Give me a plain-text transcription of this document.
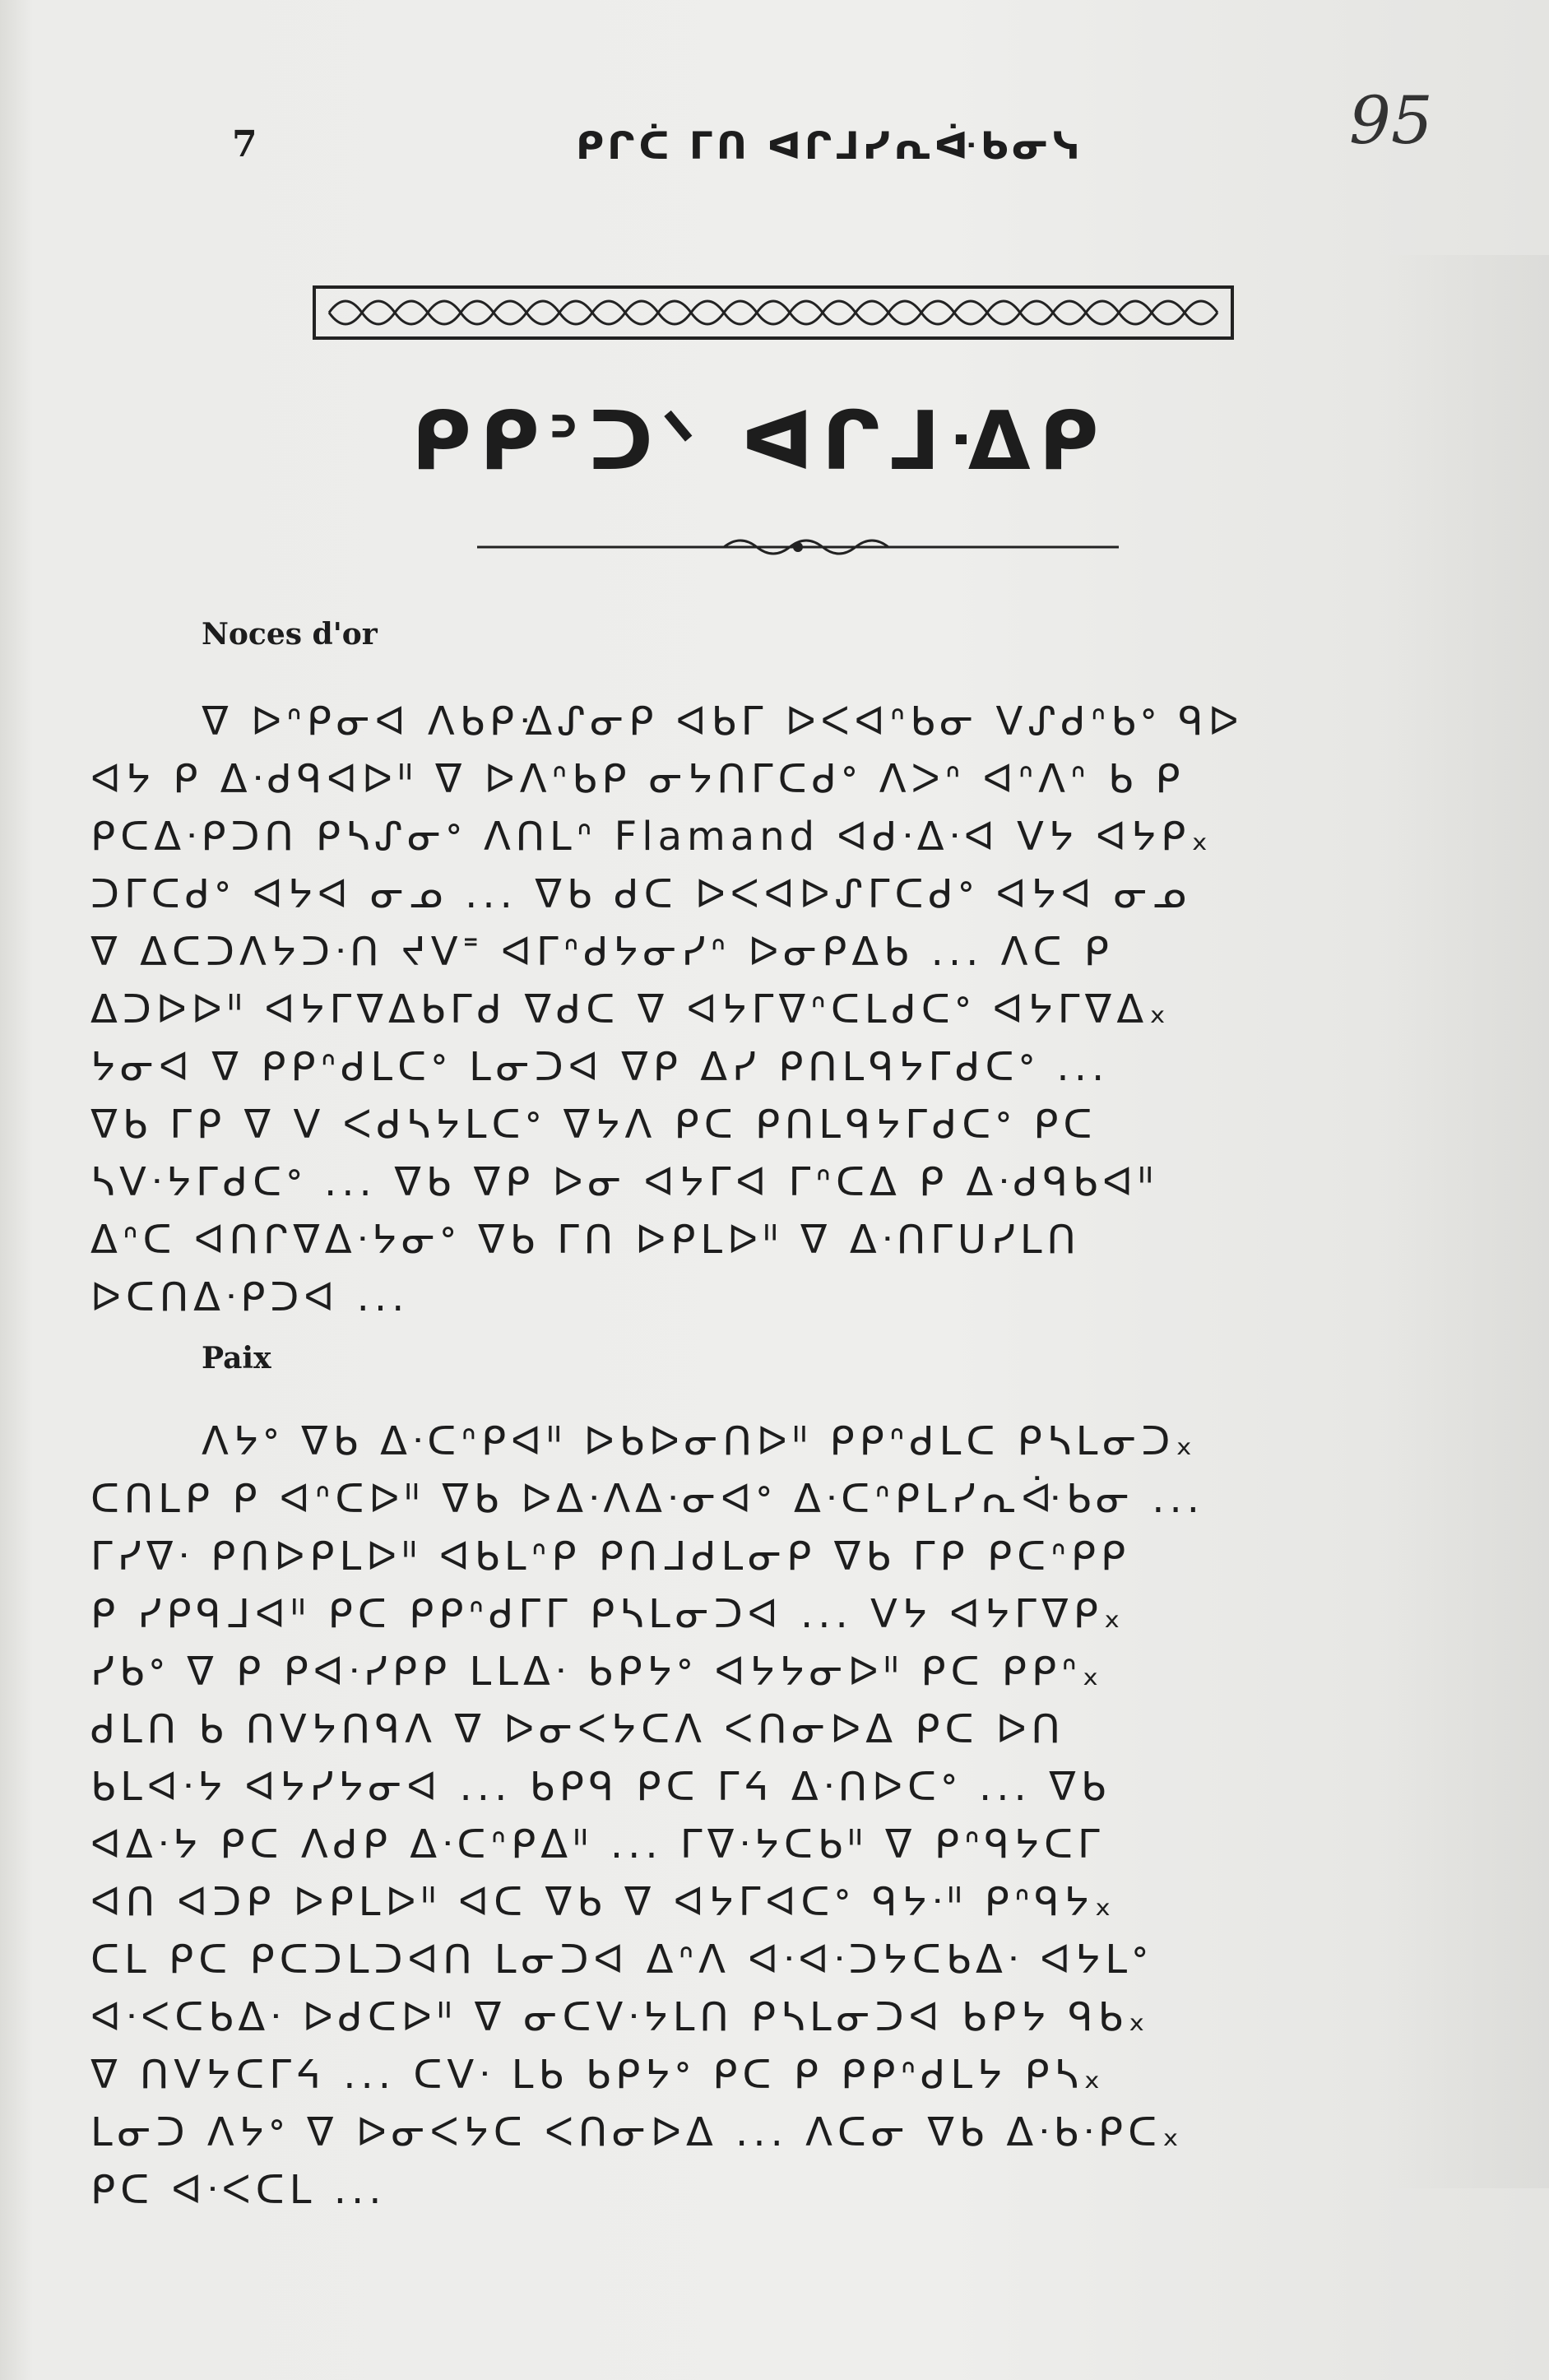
7	ᑭᒋᑖ ᒥᑎ ᐊᒋᒧᓯᕆᐚᑲᓂᓭ	95
ᑭᑭᐣᑐᐠ ᐊᒋᒧᐎᑭ
Noces d'or
ᐁ ᐅᐢᑭᓂᐊ ᐱᑲᑭᐎᔑᓂᑭ ᐊᑲᒥ ᐅᐸᐊᐢᑲᓂ ᐯᔑᑯᐢᑲᐤ ᑫᐅ
ᐊᔭ ᑭ ᐃᐧᑯᑫᐊᐅᐦ ᐁ ᐅᐱᐢᑲᑭ ᓂᔭᑎᒥᑕᑯᐤ ᐱᐳᐢ ᐊᐢᐱᐢ ᑲ ᑭ
ᑭᑕᐃᐧᑭᑐᑎ ᑭᓴᔑᓂᐤ ᐱᑎᒪᐢ Flamand ᐊᑯᐧᐃᐧᐊ ᐯᔭ ᐊᔭᑭ᙮
ᑐᒥᑕᑯᐤ ᐊᔭᐊ ᓂᓄ ... ᐁᑲ ᑯᑕ ᐅᐸᐊᐅᔑᒥᑕᑯᐤ ᐊᔭᐊ ᓂᓄ
ᐁ ᐃᑕᑐᐱᔭᑐᐧᑎ ᔪᐯᙾ ᐊᒥᐢᑯᔭᓂᓯᐢ ᐅᓂᑭᐃᑲ ... ᐱᑕ ᑭ
ᐃᑐᐅᐅᐦ ᐊᔭᒥᐁᐃᑲᒥᑯ ᐁᑯᑕ ᐁ ᐊᔭᒥᐁᐢᑕᒪᑯᑕᐤ ᐊᔭᒥᐁᐃ᙮
ᔭᓂᐊ ᐁ ᑭᑭᐢᑯᒪᑕᐤ ᒪᓂᑐᐊ ᐁᑭ ᐃᓯ ᑭᑎᒪᑫᔭᒥᑯᑕᐤ ...
ᐁᑲ ᒥᑭ ᐁ ᐯ ᐸᑯᓴᔭᒪᑕᐤ ᐁᔭᐱ ᑭᑕ ᑭᑎᒪᑫᔭᒥᑯᑕᐤ ᑭᑕ
ᓴᐯᐧᔭᒥᑯᑕᐤ ... ᐁᑲ ᐁᑭ ᐅᓂ ᐊᔭᒥᐊ ᒥᐢᑕᐃ ᑭ ᐃᐧᑯᑫᑲᐊᐦ
ᐃᐢᑕ ᐊᑎᒋᐁᐃᐧᔭᓂᐤ ᐁᑲ ᒥᑎ ᐅᑭᒪᐅᐦ ᐁ ᐃᐧᑎᒥᑌᓯᒪᑎ
ᐅᑕᑎᐃᐧᑭᑐᐊ ...
Paix
ᐱᔭᐤ ᐁᑲ ᐃᐧᑕᐢᑭᐊᐦ ᐅᑲᐅᓂᑎᐅᐦ ᑭᑭᐢᑯᒪᑕ ᑭᓴᒪᓂᑐ᙮
ᑕᑎᒪᑭ ᑭ ᐊᐢᑕᐅᐦ ᐁᑲ ᐅᐃᐧᐱᐃᐧᓂᐊᐤ ᐃᐧᑕᐢᑭᒪᓯᕆᐚᑲᓂ ...
ᒥᓯᐁᐧ ᑭᑎᐅᑭᒪᐅᐦ ᐊᑲᒪᐢᑭ ᑭᑎᒧᑯᒪᓂᑭ ᐁᑲ ᒥᑭ ᑭᑕᐢᑭᑭ
ᑭ ᓯᑭᑫᒧᐊᐦ ᑭᑕ ᑭᑭᐢᑯᒥᒥ ᑭᓴᒪᓂᑐᐊ ... ᐯᔭ ᐊᔭᒥᐁᑭ᙮
ᓯᑲᐤ ᐁ ᑭ ᑭᐊᐧᓯᑭᑭ ᒪᒪᐃᐧ ᑲᑭᔭᐤ ᐊᔭᔭᓂᐅᐦ ᑭᑕ ᑭᑭᐢ᙮
ᑯᒪᑎ ᑲ ᑎᐯᔭᑎᑫᐱ ᐁ ᐅᓂᐸᔭᑕᐱ ᐸᑎᓂᐅᐃ ᑭᑕ ᐅᑎ
ᑲᒪᐊᐧᔭ ᐊᔭᓯᔭᓂᐊ ... ᑲᑭᑫ ᑭᑕ ᒥᔦ ᐃᐧᑎᐅᑕᐤ ... ᐁᑲ
ᐊᐃᐧᔭ ᑭᑕ ᐱᑯᑭ ᐃᐧᑕᐢᑭᐃᐦ ... ᒥᐁᐧᔭᑕᑲᐦ ᐁ ᑭᐢᑫᔭᑕᒥ
ᐊᑎ ᐊᑐᑭ ᐅᑭᒪᐅᐦ ᐊᑕ ᐁᑲ ᐁ ᐊᔭᒥᐊᑕᐤ ᑫᔭᐧᐦ ᑭᐢᑫᔭ᙮
ᑕᒪ ᑭᑕ ᑭᑕᑐᒪᑐᐊᑎ ᒪᓂᑐᐊ ᐃᐢᐱ ᐊᐧᐊᐧᑐᔭᑕᑲᐃᐧ ᐊᔭᒪᐤ
ᐊᐧᐸᑕᑲᐃᐧ ᐅᑯᑕᐅᐦ ᐁ ᓂᑕᐯᐧᔭᒪᑎ ᑭᓴᒪᓂᑐᐊ ᑲᑭᔭ ᑫᑲ᙮
ᐁ ᑎᐯᔭᑕᒥᔦ ... ᑕᐯᐧ ᒪᑲ ᑲᑭᔭᐤ ᑭᑕ ᑭ ᑭᑭᐢᑯᒪᔭ ᑭᓴ᙮
ᒪᓂᑐ ᐱᔭᐤ ᐁ ᐅᓂᐸᔭᑕ ᐸᑎᓂᐅᐃ ... ᐱᑕᓂ ᐁᑲ ᐃᐧᑲᐧᑭᑕ᙮
ᑭᑕ ᐊᐧᐸᑕᒪ ...
